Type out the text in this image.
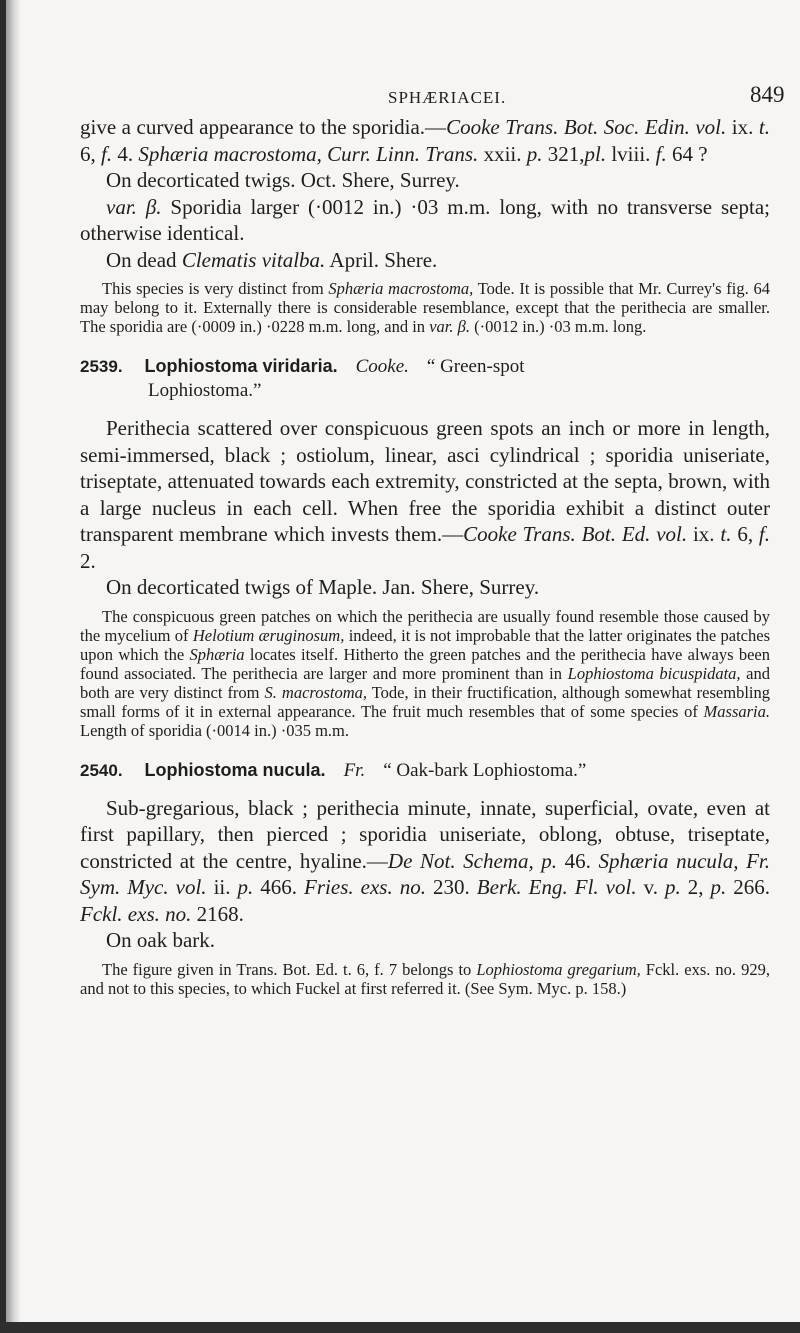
SPHÆRIACEI.	849

give a curved appearance to the sporidia.—Cooke Trans. Bot. Soc. Edin. vol. ix. t. 6, f. 4. Sphæria macrostoma, Curr. Linn. Trans. xxii. p. 321,pl. lviii. f. 64 ?

On decorticated twigs. Oct. Shere, Surrey.

var. β. Sporidia larger (·0012 in.) ·03 m.m. long, with no transverse septa; otherwise identical.

On dead Clematis vitalba. April. Shere.

This species is very distinct from Sphæria macrostoma, Tode. It is possible that Mr. Currey's fig. 64 may belong to it. Externally there is considerable resemblance, except that the perithecia are smaller. The sporidia are (·0009 in.) ·0228 m.m. long, and in var. β. (·0012 in.) ·03 m.m. long.

2539. Lophiostoma viridaria. Cooke. “ Green-spot
Lophiostoma.”

Perithecia scattered over conspicuous green spots an inch or more in length, semi-immersed, black ; ostiolum, linear, asci cylindrical ; sporidia uniseriate, triseptate, attenuated towards each extremity, constricted at the septa, brown, with a large nucleus in each cell. When free the sporidia exhibit a distinct outer transparent membrane which invests them.—Cooke Trans. Bot. Ed. vol. ix. t. 6, f. 2.

On decorticated twigs of Maple. Jan. Shere, Surrey.

The conspicuous green patches on which the perithecia are usually found resemble those caused by the mycelium of Helotium æruginosum, indeed, it is not improbable that the latter originates the patches upon which the Sphæria locates itself. Hitherto the green patches and the perithecia have always been found associated. The perithecia are larger and more prominent than in Lophiostoma bicuspidata, and both are very distinct from S. macrostoma, Tode, in their fructification, although somewhat resembling small forms of it in external appearance. The fruit much resembles that of some species of Massaria. Length of sporidia (·0014 in.) ·035 m.m.

2540. Lophiostoma nucula. Fr. “ Oak-bark Lophiostoma.”

Sub-gregarious, black ; perithecia minute, innate, superficial, ovate, even at first papillary, then pierced ; sporidia uniseriate, oblong, obtuse, triseptate, constricted at the centre, hyaline.—De Not. Schema, p. 46. Sphæria nucula, Fr. Sym. Myc. vol. ii. p. 466. Fries. exs. no. 230. Berk. Eng. Fl. vol. v. p. 2, p. 266. Fckl. exs. no. 2168.

On oak bark.

The figure given in Trans. Bot. Ed. t. 6, f. 7 belongs to Lophiostoma gregarium, Fckl. exs. no. 929, and not to this species, to which Fuckel at first referred it. (See Sym. Myc. p. 158.)
